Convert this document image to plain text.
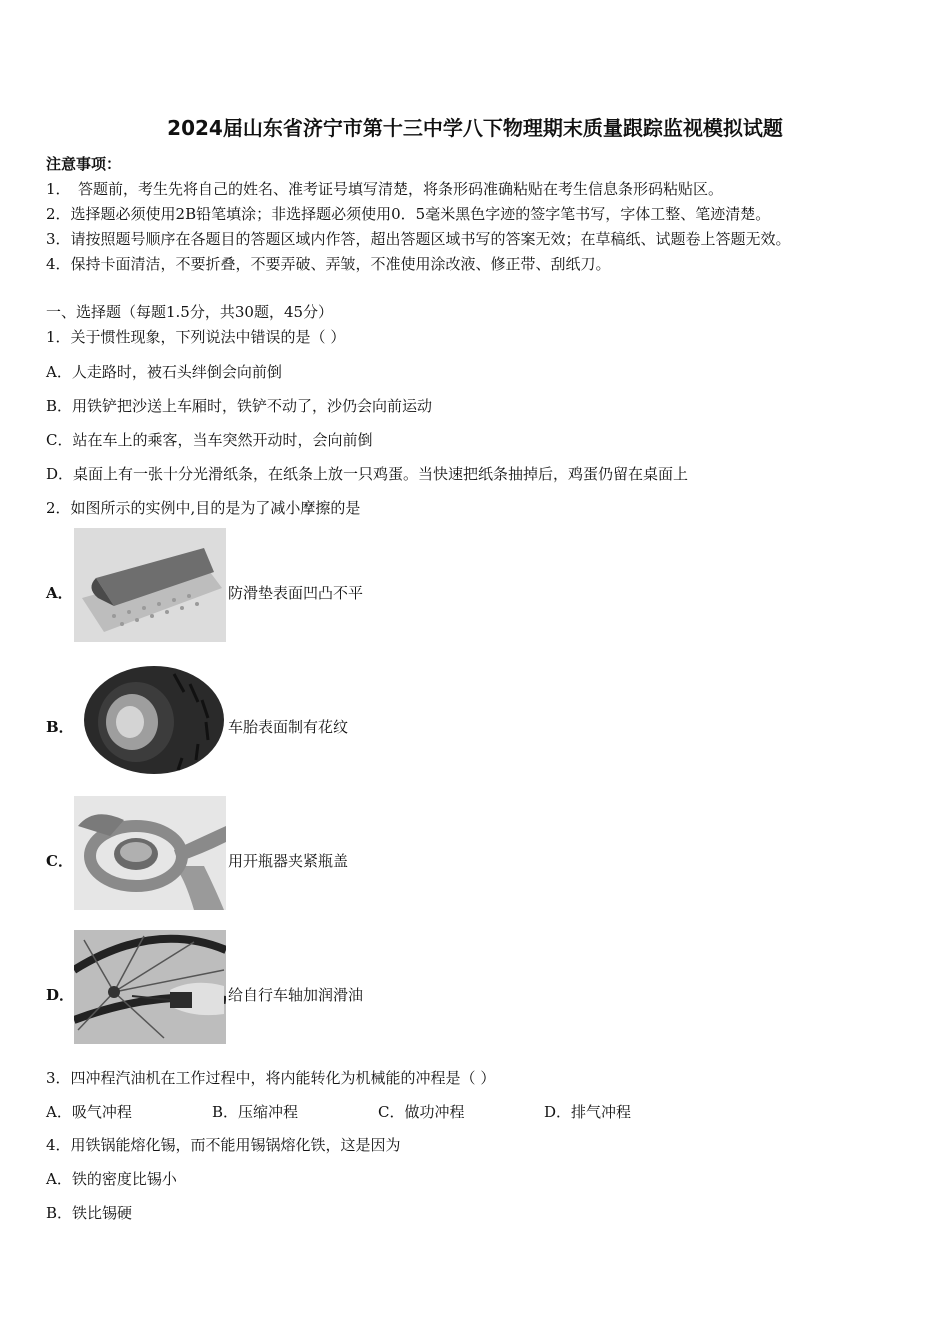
2024届山东省济宁市第十三中学八下物理期末质量跟踪监视模拟试题
注意事项：
1．　答题前，考生先将自己的姓名、准考证号填写清楚，将条形码准确粘贴在考生信息条形码粘贴区。
2．选择题必须使用2B铅笔填涂；非选择题必须使用0．5毫米黑色字迹的签字笔书写，字体工整、笔迹清楚。
3．请按照题号顺序在各题目的答题区域内作答，超出答题区域书写的答案无效；在草稿纸、试题卷上答题无效。
4．保持卡面清洁，不要折叠，不要弄破、弄皱，不准使用涂改液、修正带、刮纸刀。
一、选择题（每题1.5分，共30题，45分）
1．关于惯性现象，下列说法中错误的是（ ）
A．人走路时，被石头绊倒会向前倒
B．用铁铲把沙送上车厢时，铁铲不动了，沙仍会向前运动
C．站在车上的乘客，当车突然开动时，会向前倒
D．桌面上有一张十分光滑纸条，在纸条上放一只鸡蛋。当快速把纸条抽掉后，鸡蛋仍留在桌面上
2．如图所示的实例中,目的是为了减小摩擦的是
A．	防滑垫表面凹凸不平
B．	车胎表面制有花纹
C．	用开瓶器夹紧瓶盖
D．	给自行车轴加润滑油
3．四冲程汽油机在工作过程中，将内能转化为机械能的冲程是（ ）
A．吸气冲程	B．压缩冲程	C．做功冲程	D．排气冲程
4．用铁锅能熔化锡，而不能用锡锅熔化铁，这是因为
A．铁的密度比锡小
B．铁比锡硬
